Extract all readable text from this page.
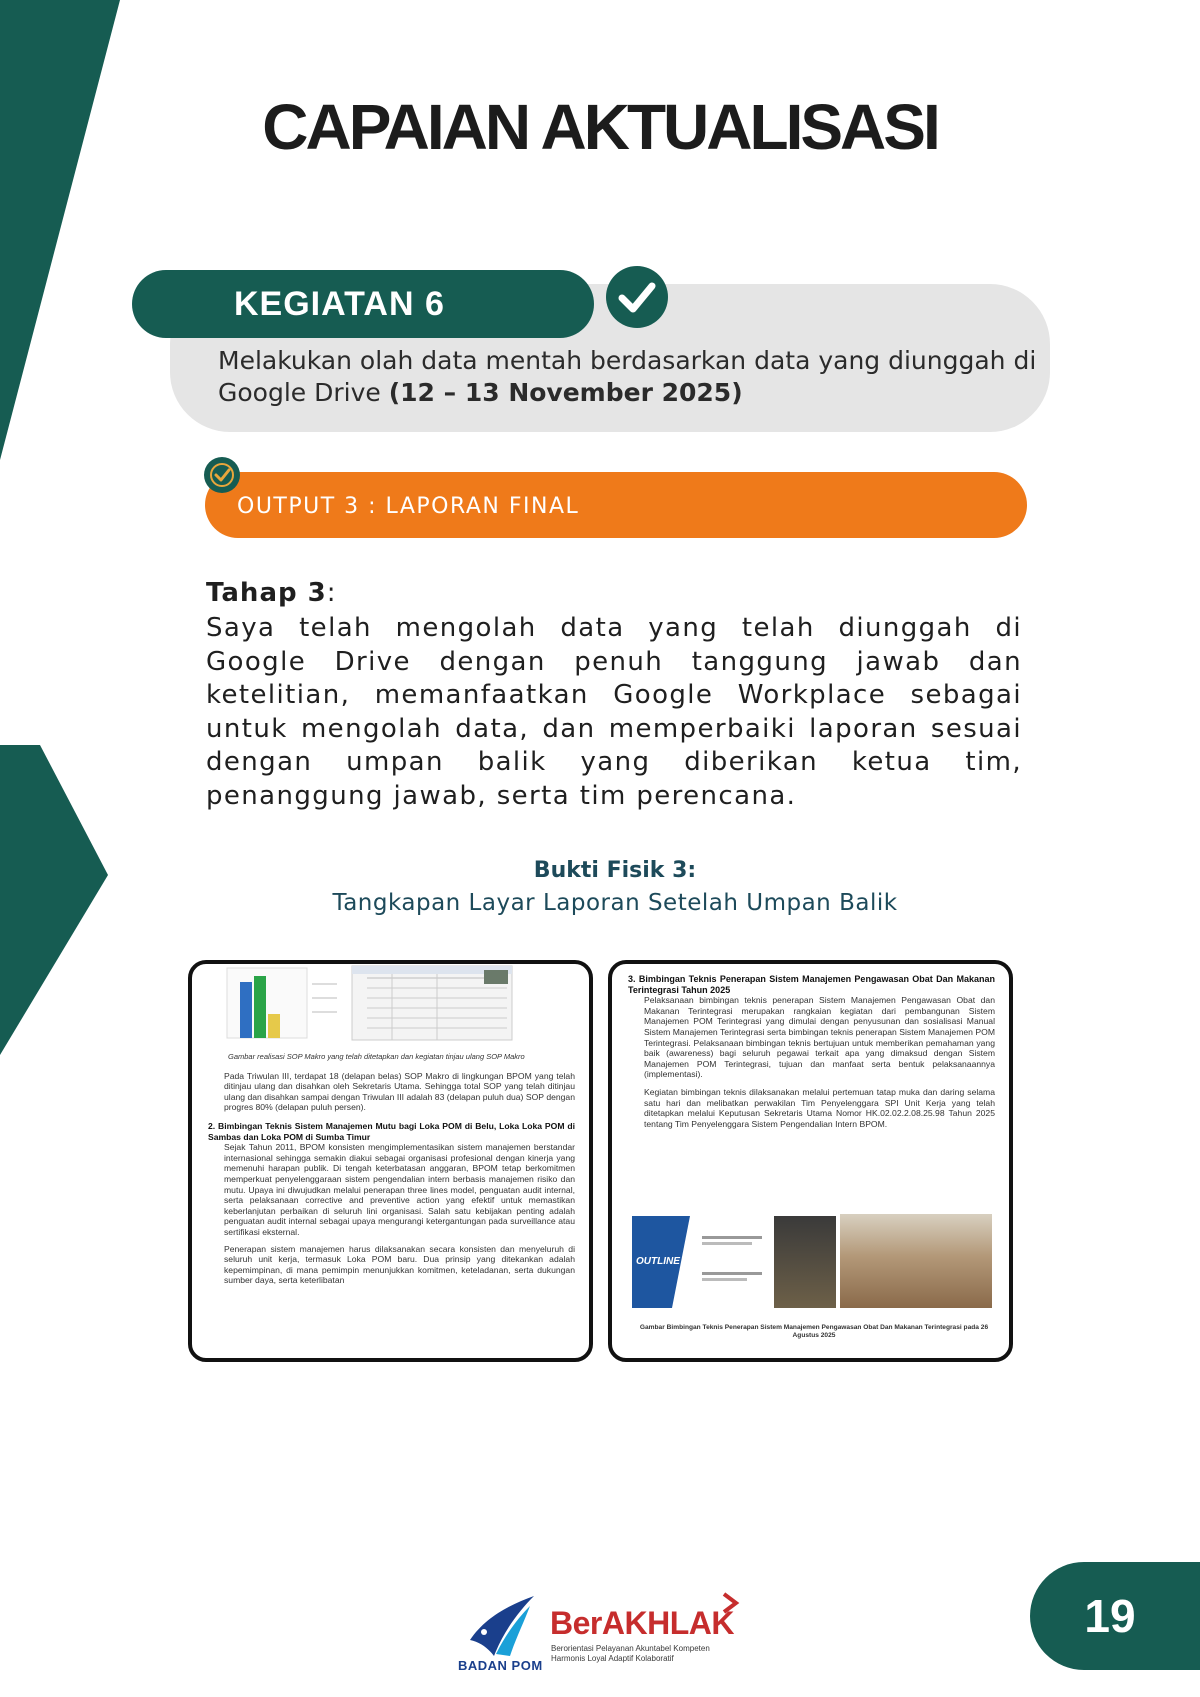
CAPAIAN AKTUALISASI
KEGIATAN 6
Melakukan olah data mentah berdasarkan data yang diunggah di Google Drive (12 – 13 November 2025)
OUTPUT 3 : LAPORAN FINAL
Tahap 3:
Saya telah mengolah data yang telah diunggah di Google Drive dengan penuh tanggung jawab dan ketelitian, memanfaatkan Google Workplace sebagai untuk mengolah data, dan memperbaiki laporan sesuai dengan umpan balik yang diberikan ketua tim, penanggung jawab, serta tim perencana.
Bukti Fisik 3:
Tangkapan Layar Laporan Setelah Umpan Balik
Gambar realisasi SOP Makro yang telah ditetapkan dan kegiatan tinjau ulang SOP Makro
Pada Triwulan III, terdapat 18 (delapan belas) SOP Makro di lingkungan BPOM yang telah ditinjau ulang dan disahkan oleh Sekretaris Utama. Sehingga total SOP yang telah ditinjau ulang dan disahkan sampai dengan Triwulan III adalah 83 (delapan puluh dua) SOP dengan progres 80% (delapan puluh persen).
2. Bimbingan Teknis Sistem Manajemen Mutu bagi Loka POM di Belu, Loka Loka POM di Sambas dan Loka POM di Sumba Timur
Sejak Tahun 2011, BPOM konsisten mengimplementasikan sistem manajemen berstandar internasional sehingga semakin diakui sebagai organisasi profesional dengan kinerja yang memenuhi harapan publik. Di tengah keterbatasan anggaran, BPOM tetap berkomitmen memperkuat penyelenggaraan sistem pengendalian intern berbasis manajemen risiko dan mutu. Upaya ini diwujudkan melalui penerapan three lines model, penguatan audit internal, serta pelaksanaan corrective and preventive action yang efektif untuk memastikan keberlanjutan perbaikan di seluruh lini organisasi. Salah satu kebijakan penting adalah penguatan audit internal sebagai upaya mengurangi ketergantungan pada surveillance atau sertifikasi eksternal.
Penerapan sistem manajemen harus dilaksanakan secara konsisten dan menyeluruh di seluruh unit kerja, termasuk Loka POM baru. Dua prinsip yang ditekankan adalah kepemimpinan, di mana pemimpin menunjukkan komitmen, keteladanan, serta dukungan sumber daya, serta keterlibatan
3. Bimbingan Teknis Penerapan Sistem Manajemen Pengawasan Obat Dan Makanan Terintegrasi Tahun 2025
Pelaksanaan bimbingan teknis penerapan Sistem Manajemen Pengawasan Obat dan Makanan Terintegrasi merupakan rangkaian kegiatan dari pembangunan Sistem Manajemen POM Terintegrasi yang dimulai dengan penyusunan dan sosialisasi Manual Sistem Manajemen Terintegrasi serta bimbingan teknis penerapan Sistem Manajemen POM Terintegrasi. Pelaksanaan bimbingan teknis bertujuan untuk memberikan pemahaman yang baik (awareness) bagi seluruh pegawai terkait apa yang dimaksud dengan Sistem Manajemen POM Terintegrasi, tujuan dan manfaat serta bentuk pelaksanaannya (implementasi).
Kegiatan bimbingan teknis dilaksanakan melalui pertemuan tatap muka dan daring selama satu hari dan melibatkan perwakilan Tim Penyelenggara SPI Unit Kerja yang telah ditetapkan melalui Keputusan Sekretaris Utama Nomor HK.02.02.2.08.25.98 Tahun 2025 tentang Tim Penyelenggara Sistem Pengendalian Intern BPOM.
OUTLINE
Gambar Bimbingan Teknis Penerapan Sistem Manajemen Pengawasan Obat Dan Makanan Terintegrasi pada 26 Agustus 2025
19
BADAN POM
BerAKHLAK
Berorientasi Pelayanan Akuntabel Kompeten Harmonis Loyal Adaptif Kolaboratif
